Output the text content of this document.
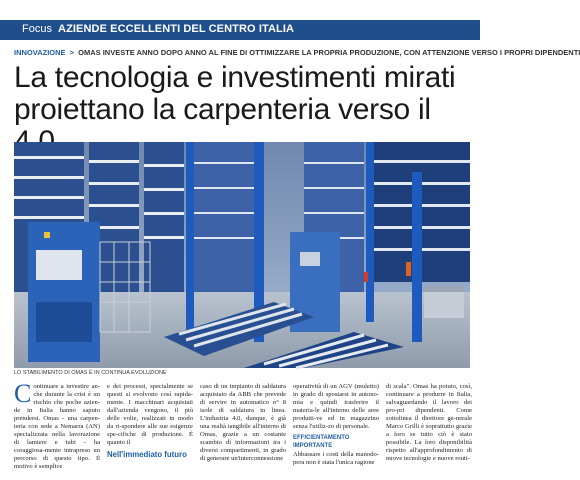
Focus AZIENDE ECCELLENTI DEL CENTRO ITALIA
INNOVAZIONE > OMAS INVESTE ANNO DOPO ANNO AL FINE DI OTTIMIZZARE LA PROPRIA PRODUZIONE, CON ATTENZIONE VERSO I PROPRI DIPENDENTI
La tecnologia e investimenti mirati
proiettano la carpenteria verso il
LO STABILIMENTO DI OMAS È IN CONTINUA EVOLUZIONE
Continuare a investire an-che durante la crisi è un rischio che poche azien-de in Italia hanno saputo prendersi. Omas - una carpen-teria con sede a Nemarra (AN) specializzata nella lavorazione di lamiere e tubi - ha coraggiosa-mente intrapreso un percorso di questo tipo. Il motivo è semplice
e dei processi, specialmente se questi si evolvono così rapida-mente. I macchinari acquistati dall'azienda vengono, il più delle volte, realizzati in modo da ri-spondere alle sue esigenze spe-cifiche di produzione. È quanto il
Nell'immediato futuro
caso di un impianto di saldatura acquistato da ABB che prevede di servire in automatico n° 8 isole di saldatura in linea. L'industria 4.0, dunque, è già una realtà tangibile all'interno di Omas, grazie a un costante scambio di informazioni tra i diversi compartimenti, in grado di generare un'interconnessione
operatività di un AGV (muletto) in grado di spostarsi in autono-mia e quindi trasferire il materia-le all'interno delle aree produtti-ve ed in magazzino senza l'utiliz-zo di personale.
EFFICIENTAMENTO IMPORTANTE
Abbassare i costi della manodo-pera non è stata l'unica ragione
di scala". Omas ha potuto, così, continuare a produrre in Italia, salvaguardando il lavoro dei pro-pri dipendenti. Come sottolinea il direttore ge-nerale Marco Grilli è soprattutto grazie a loro se tutto ciò è stato possibile. La loro disponibilità rispetto all'approfondimento di nuove tecnologie e nuove routi-
